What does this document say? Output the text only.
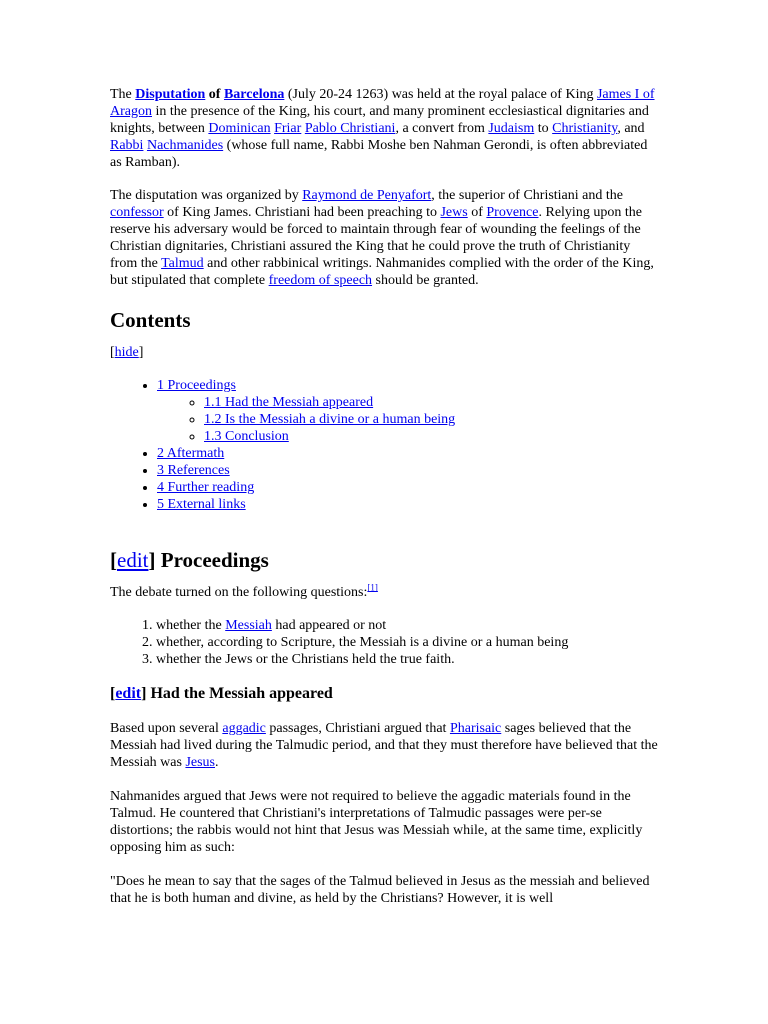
The Disputation of Barcelona (July 20-24 1263) was held at the royal palace of King James I of Aragon in the presence of the King, his court, and many prominent ecclesiastical dignitaries and knights, between Dominican Friar Pablo Christiani, a convert from Judaism to Christianity, and Rabbi Nachmanides (whose full name, Rabbi Moshe ben Nahman Gerondi, is often abbreviated as Ramban).

The disputation was organized by Raymond de Penyafort, the superior of Christiani and the confessor of King James. Christiani had been preaching to Jews of Provence. Relying upon the reserve his adversary would be forced to maintain through fear of wounding the feelings of the Christian dignitaries, Christiani assured the King that he could prove the truth of Christianity from the Talmud and other rabbinical writings. Nahmanides complied with the order of the King, but stipulated that complete freedom of speech should be granted.

Contents

[hide]

• 1 Proceedings
◦ 1.1 Had the Messiah appeared
◦ 1.2 Is the Messiah a divine or a human being
◦ 1.3 Conclusion
• 2 Aftermath
• 3 References
• 4 Further reading
• 5 External links
[edit] Proceedings

The debate turned on the following questions:[1]

1. whether the Messiah had appeared or not
2. whether, according to Scripture, the Messiah is a divine or a human being
3. whether the Jews or the Christians held the true faith.
[edit] Had the Messiah appeared

Based upon several aggadic passages, Christiani argued that Pharisaic sages believed that the Messiah had lived during the Talmudic period, and that they must therefore have believed that the Messiah was Jesus.

Nahmanides argued that Jews were not required to believe the aggadic materials found in the Talmud. He countered that Christiani's interpretations of Talmudic passages were per-se distortions; the rabbis would not hint that Jesus was Messiah while, at the same time, explicitly opposing him as such:

"Does he mean to say that the sages of the Talmud believed in Jesus as the messiah and believed that he is both human and divine, as held by the Christians? However, it is well
